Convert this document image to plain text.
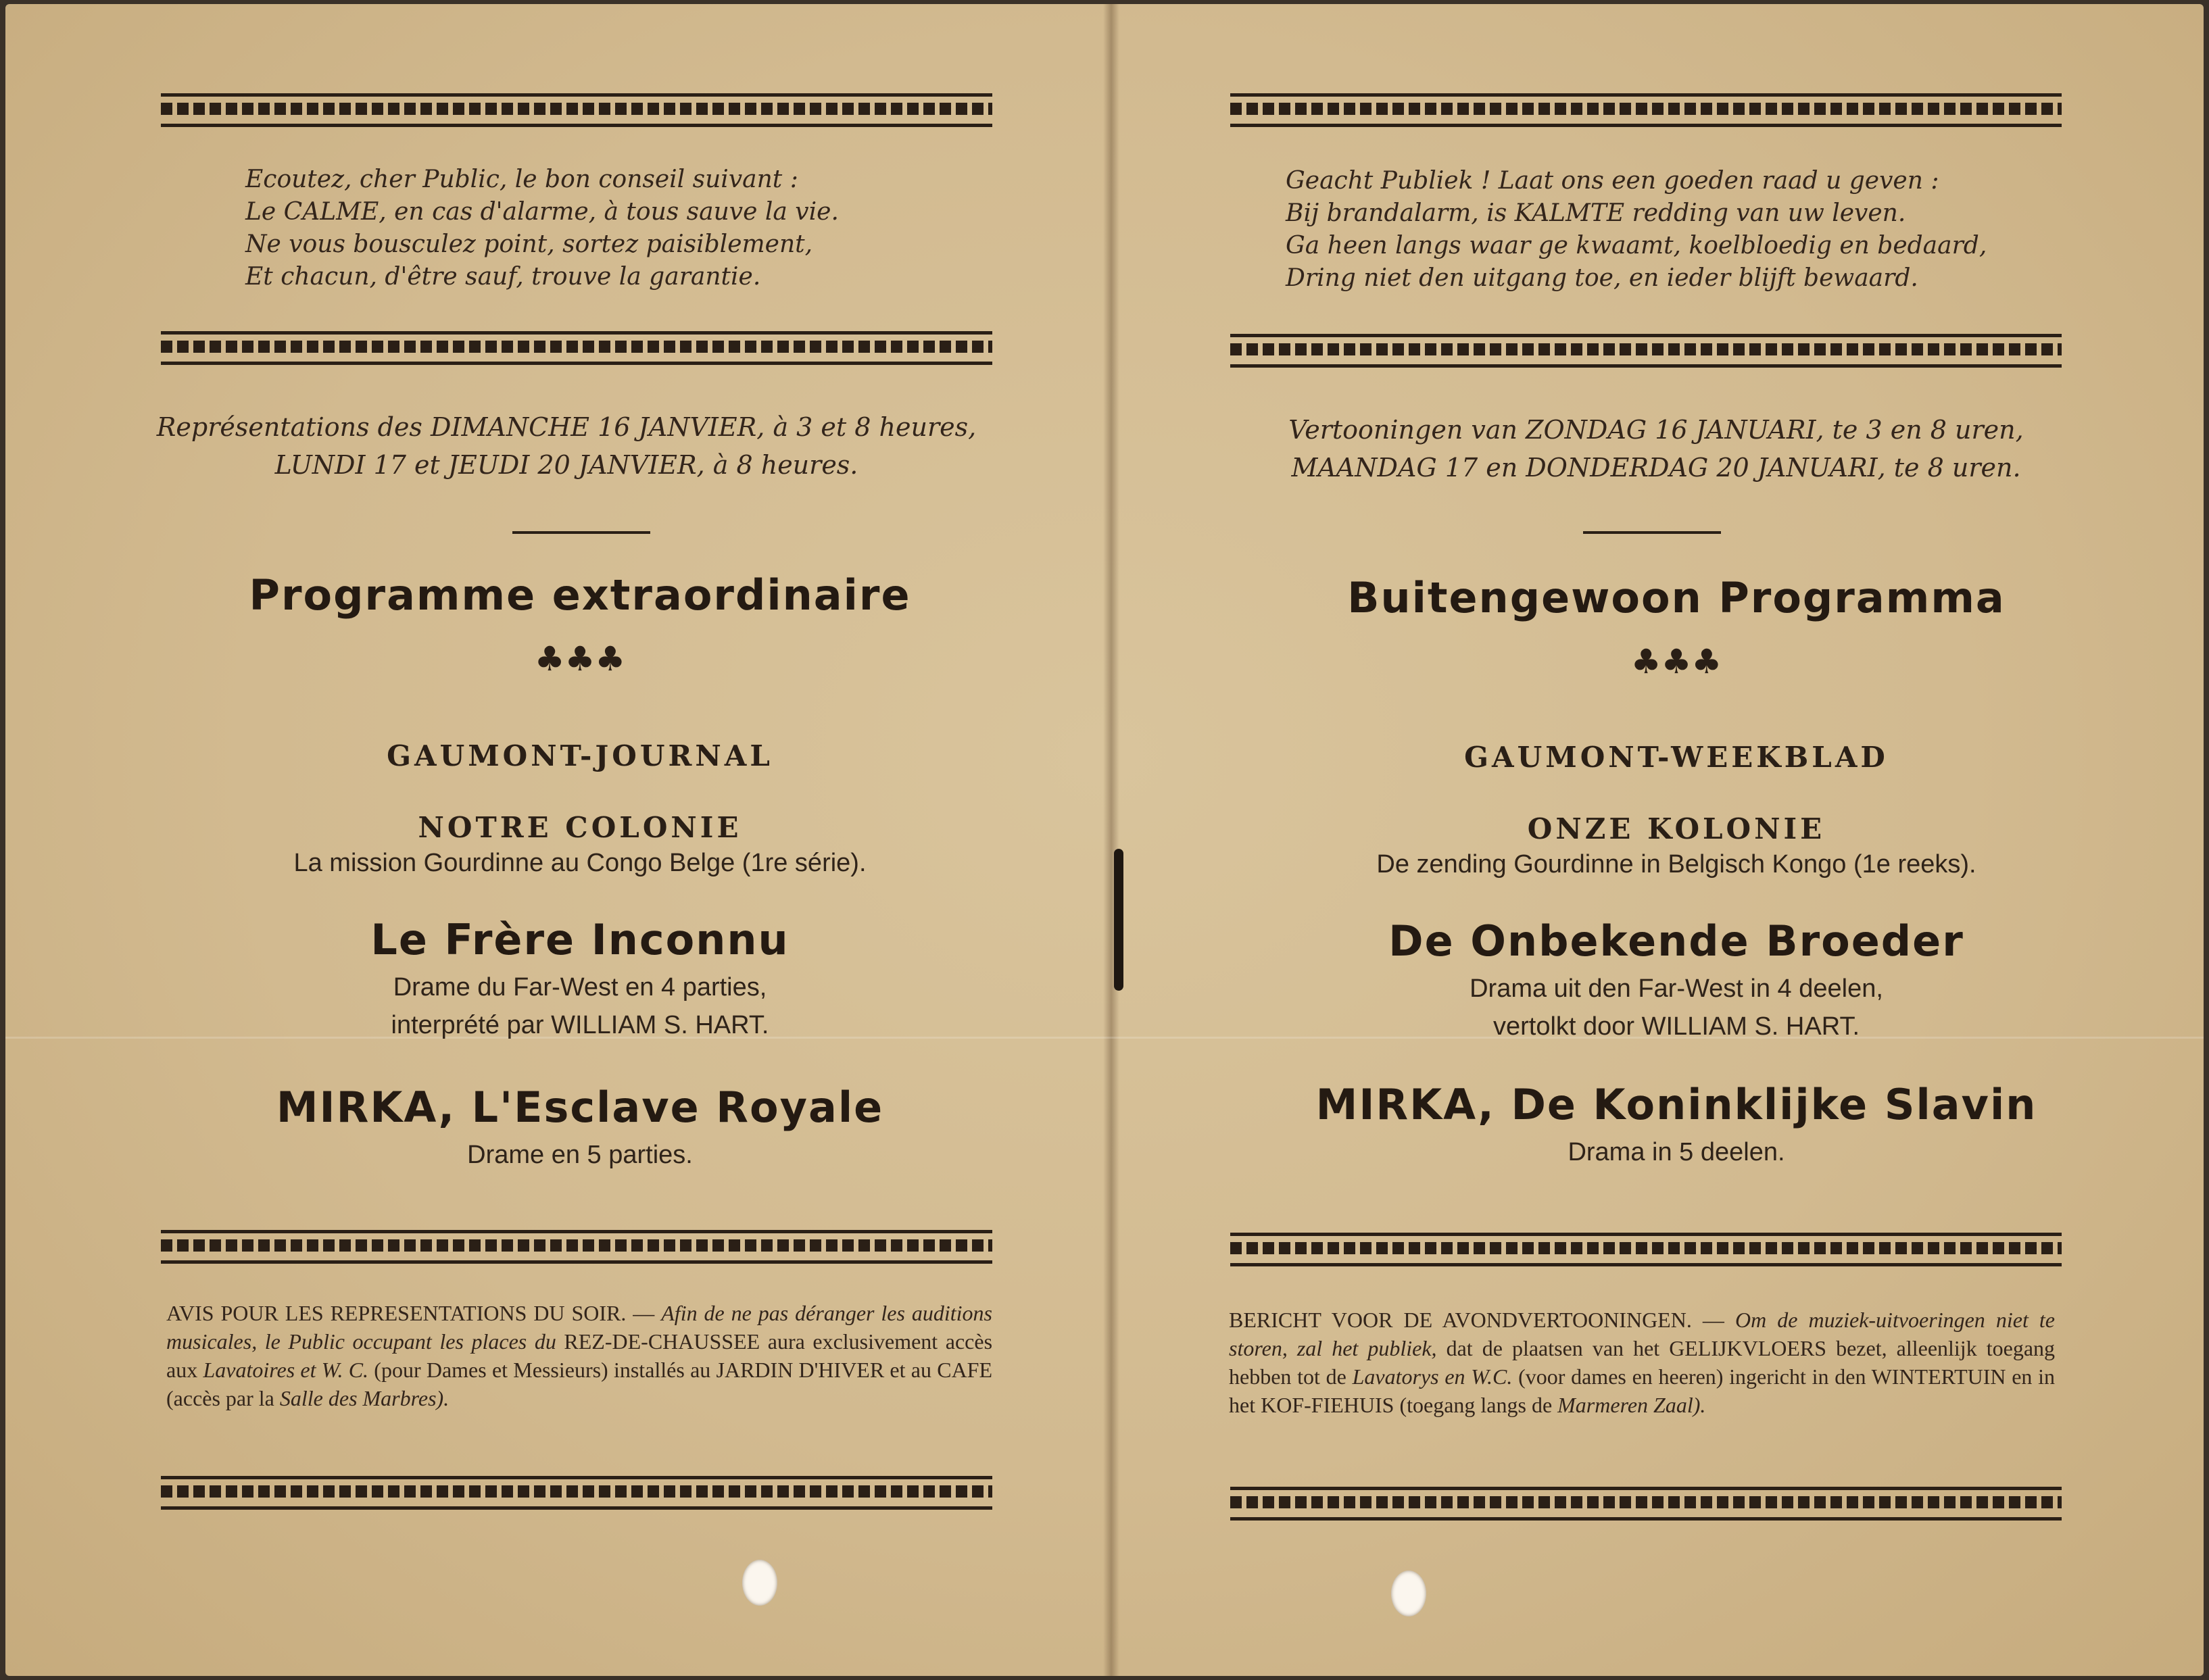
Ecoutez, cher Public, le bon conseil suivant :
Le CALME, en cas d'alarme, à tous sauve la vie.
Ne vous bousculez point, sortez paisiblement,
Et chacun, d'être sauf, trouve la garantie.
Représentations des DIMANCHE 16 JANVIER, à 3 et 8 heures,
LUNDI 17 et JEUDI 20 JANVIER, à 8 heures.
Programme extraordinaire
♣♣♣
GAUMONT-JOURNAL
NOTRE COLONIE
La mission Gourdinne au Congo Belge (1re série).
Le Frère Inconnu
Drame du Far-West en 4 parties,
interprété par WILLIAM S. HART.
MIRKA, L'Esclave Royale
Drame en 5 parties.
AVIS POUR LES REPRESENTATIONS DU SOIR. — Afin de ne pas déranger les auditions musicales, le Public occupant les places du REZ-DE-CHAUSSEE aura exclusivement accès aux Lavatoires et W. C. (pour Dames et Messieurs) installés au JARDIN D'HIVER et au CAFE (accès par la Salle des Marbres).
Geacht Publiek ! Laat ons een goeden raad u geven :
Bij brandalarm, is KALMTE redding van uw leven.
Ga heen langs waar ge kwaamt, koelbloedig en bedaard,
Dring niet den uitgang toe, en ieder blijft bewaard.
Vertooningen van ZONDAG 16 JANUARI, te 3 en 8 uren,
MAANDAG 17 en DONDERDAG 20 JANUARI, te 8 uren.
Buitengewoon Programma
♣♣♣
GAUMONT-WEEKBLAD
ONZE KOLONIE
De zending Gourdinne in Belgisch Kongo (1e reeks).
De Onbekende Broeder
Drama uit den Far-West in 4 deelen,
vertolkt door WILLIAM S. HART.
MIRKA, De Koninklijke Slavin
Drama in 5 deelen.
BERICHT VOOR DE AVONDVERTOONINGEN. — Om de muziek-uitvoeringen niet te storen, zal het publiek, dat de plaatsen van het GELIJKVLOERS bezet, alleenlijk toegang hebben tot de Lavatorys en W.C. (voor dames en heeren) ingericht in den WINTERTUIN en in het KOF-FIEHUIS (toegang langs de Marmeren Zaal).
